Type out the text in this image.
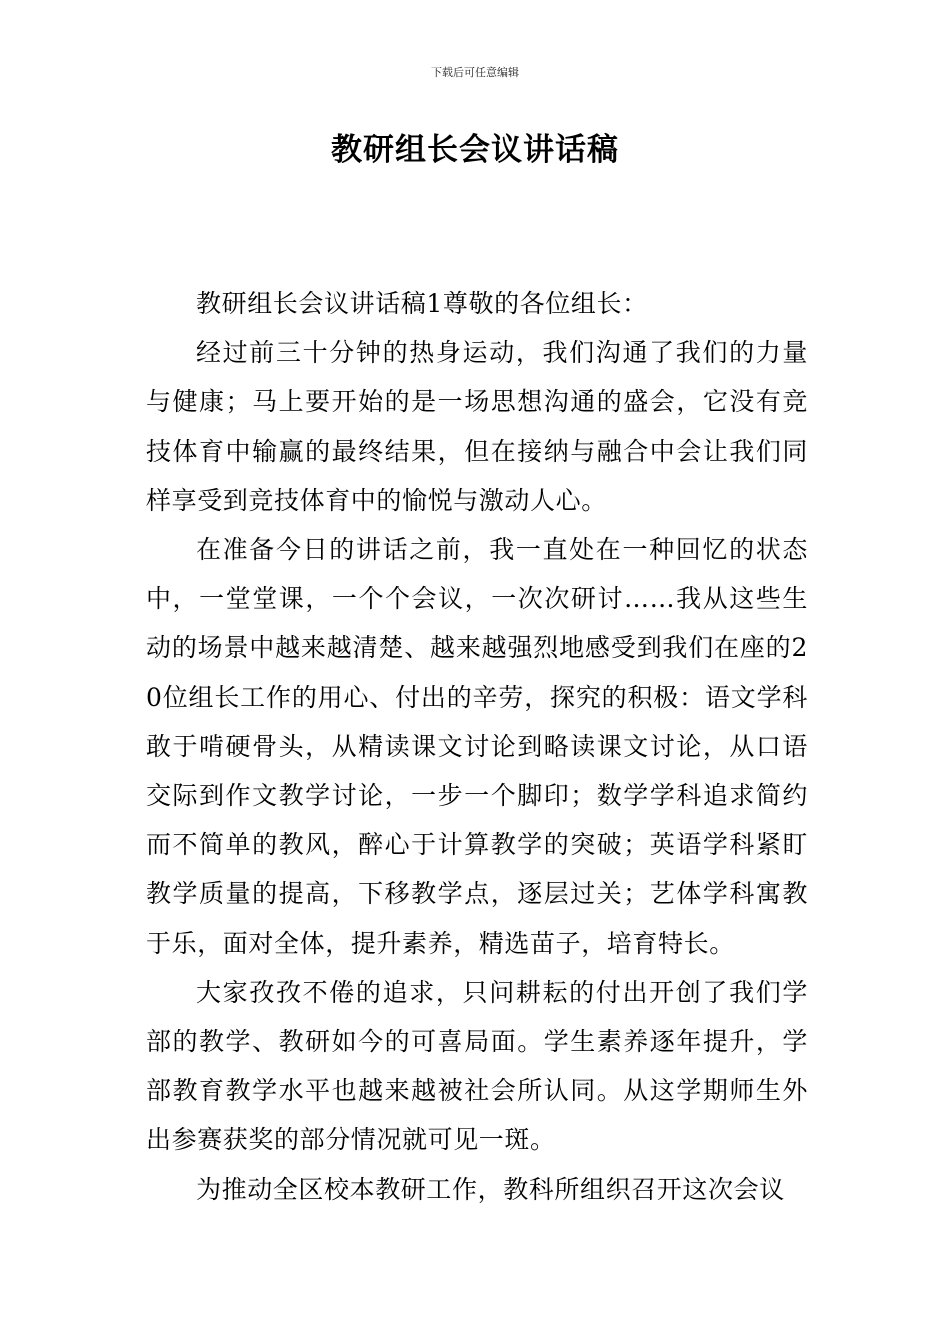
下载后可任意编辑
教研组长会议讲话稿

教研组长会议讲话稿1尊敬的各位组长：

经过前三十分钟的热身运动，我们沟通了我们的力量与健康；马上要开始的是一场思想沟通的盛会，它没有竞技体育中输赢的最终结果，但在接纳与融合中会让我们同样享受到竞技体育中的愉悦与激动人心。

在准备今日的讲话之前，我一直处在一种回忆的状态中，一堂堂课，一个个会议，一次次研讨……我从这些生动的场景中越来越清楚、越来越强烈地感受到我们在座的20位组长工作的用心、付出的辛劳，探究的积极：语文学科敢于啃硬骨头，从精读课文讨论到略读课文讨论，从口语交际到作文教学讨论，一步一个脚印；数学学科追求简约而不简单的教风，醉心于计算教学的突破；英语学科紧盯教学质量的提高，下移教学点，逐层过关；艺体学科寓教于乐，面对全体，提升素养，精选苗子，培育特长。

大家孜孜不倦的追求，只问耕耘的付出开创了我们学部的教学、教研如今的可喜局面。学生素养逐年提升，学部教育教学水平也越来越被社会所认同。从这学期师生外出参赛获奖的部分情况就可见一斑。

为推动全区校本教研工作，教科所组织召开这次会议
